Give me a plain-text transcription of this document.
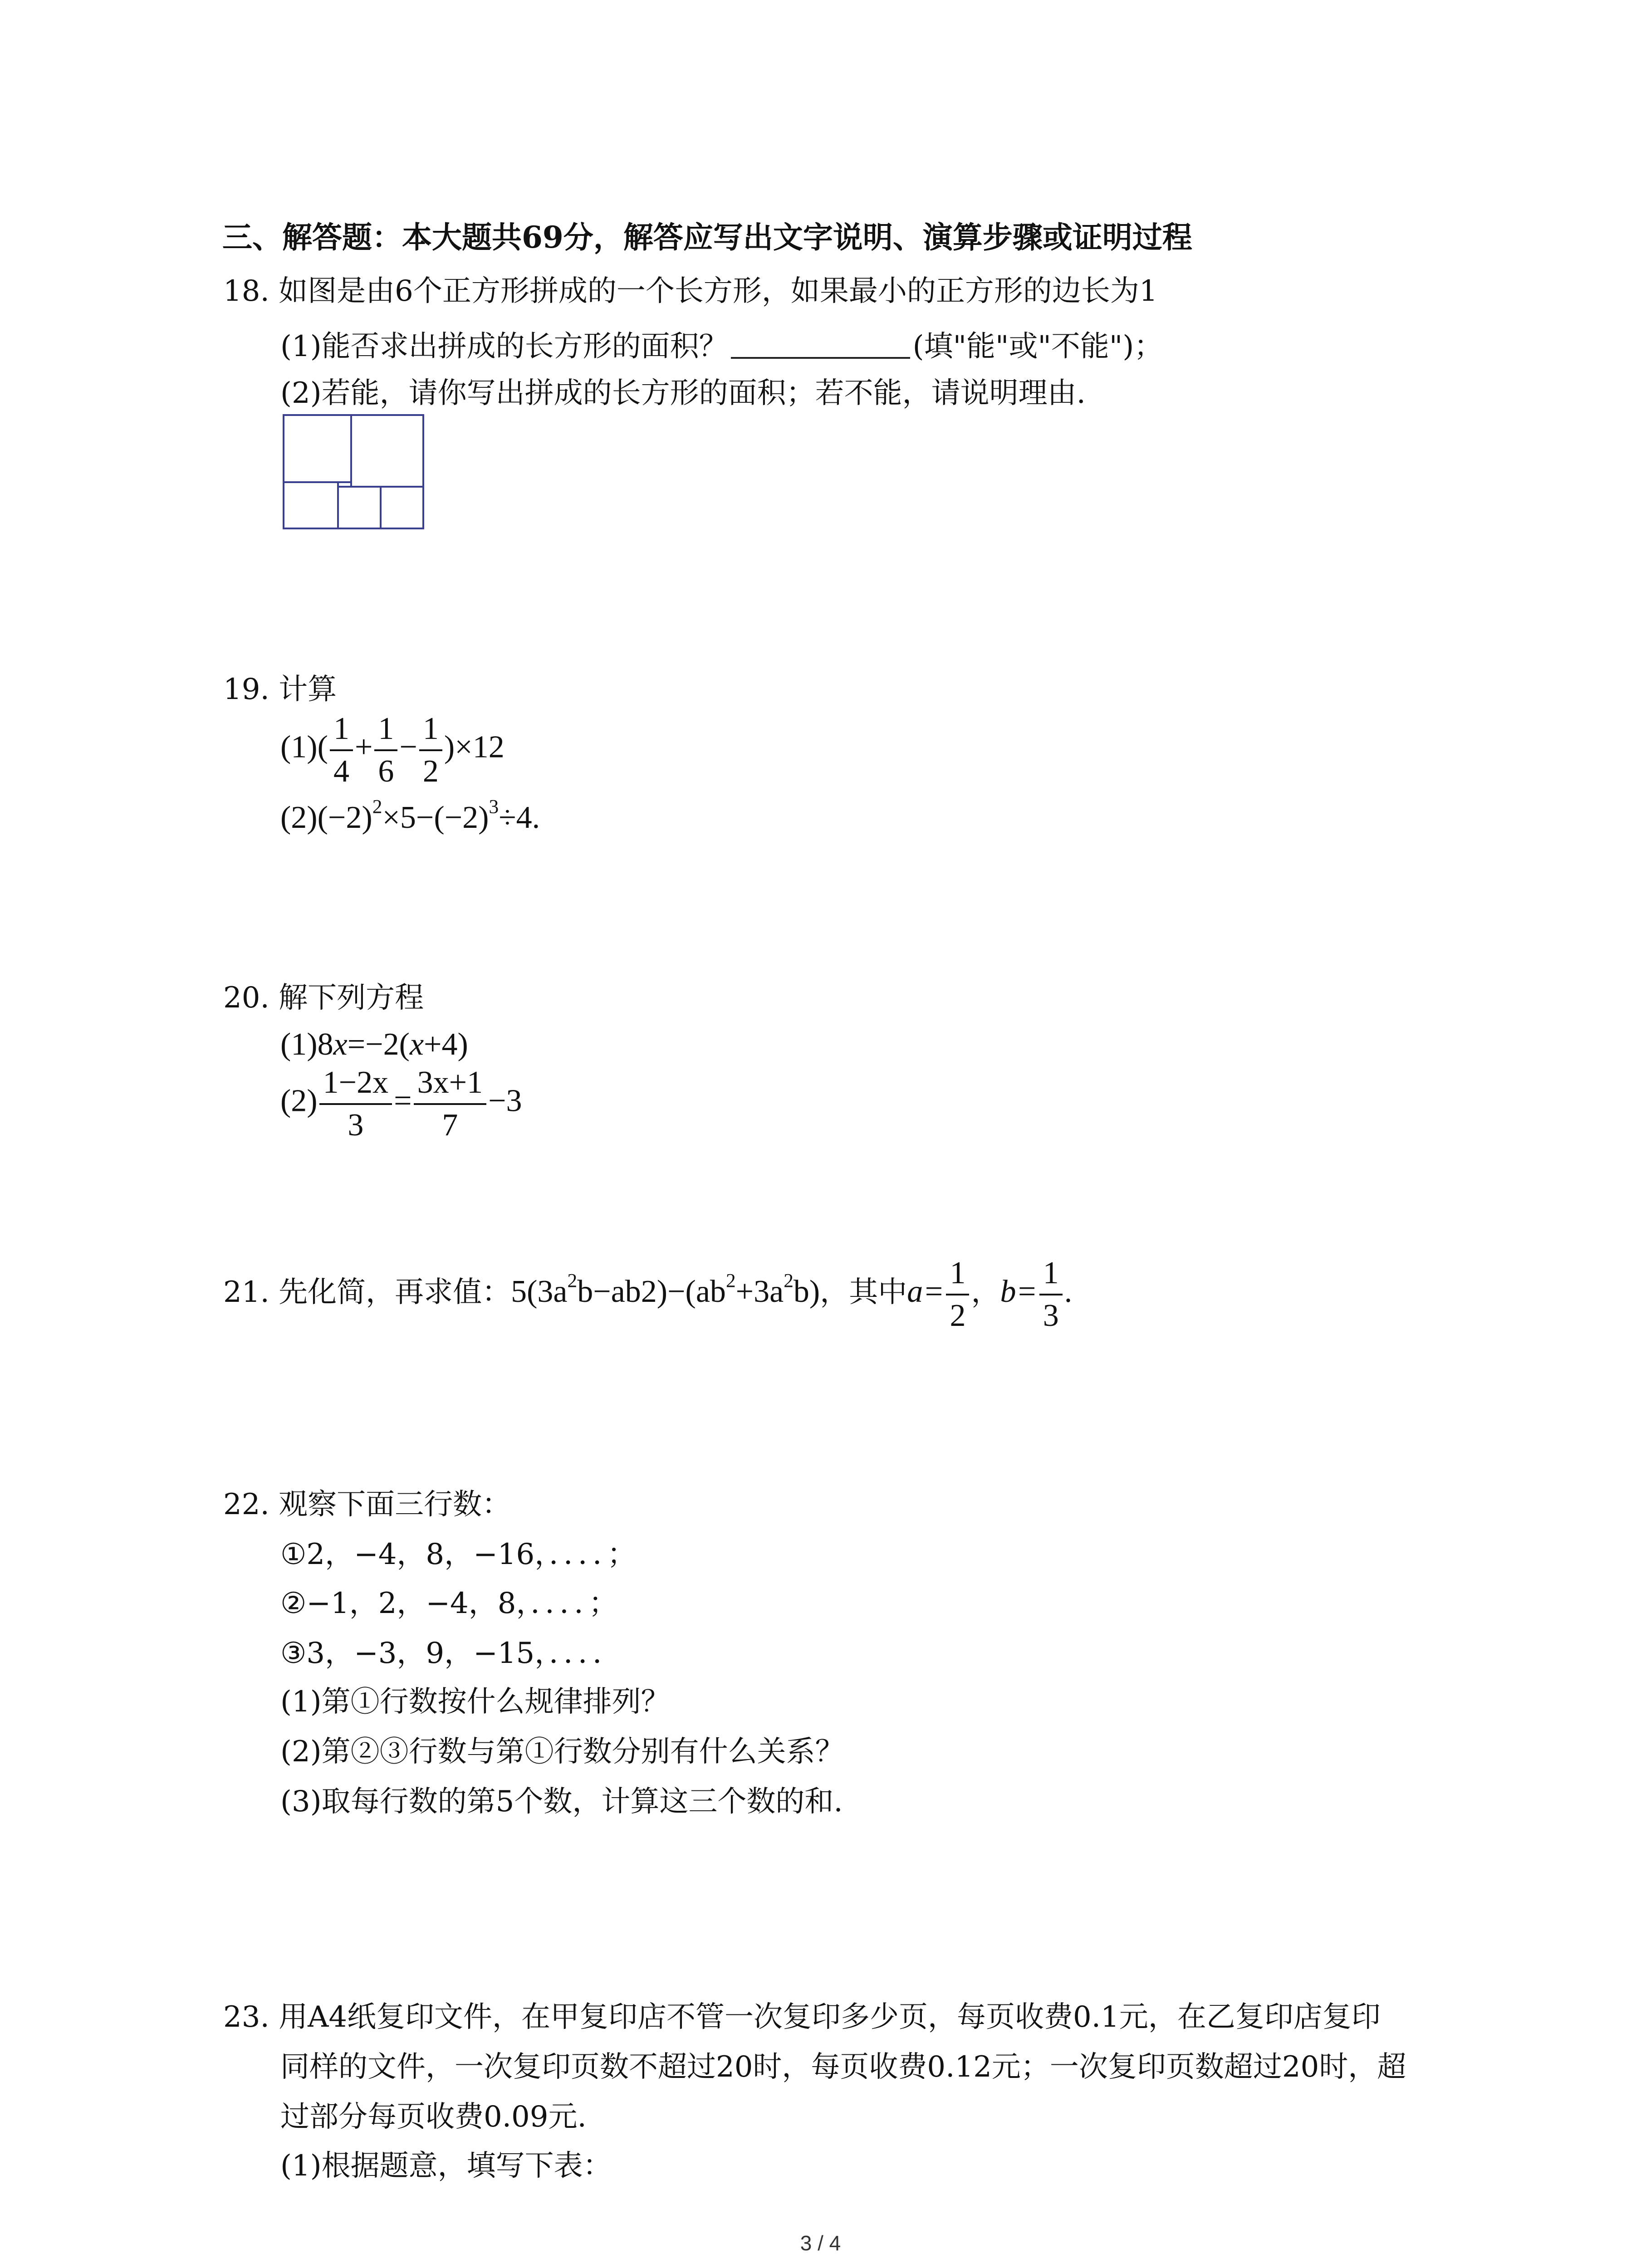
三、解答题：本大题共69分，解答应写出文字说明、演算步骤或证明过程
18. 如图是由6个正方形拼成的一个长方形，如果最小的正方形的边长为1
(1)能否求出拼成的长方形的面积？	(填"能"或"不能")；
(2)若能，请你写出拼成的长方形的面积；若不能，请说明理由.
19. 计算
$(1)( \frac{1}{4} + \frac{1}{6} - \frac{1}{2} )\times 12$
$(2)(-2)^2\times 5-(-2)^3\div 4$.
20. 解下列方程
(1)8x=−2(x+4)
$(2) \frac{1-2x}{3} = \frac{3x+1}{7} -3$
21. 先化简，再求值：$5(3a^2b-ab2)-(ab^2+3a^2b)$，其中$a= \frac{1}{2}$ ，$b= \frac{1}{3}$ .
22. 观察下面三行数：
①2，−4，8，−16，．．．．；
②−1，2，−4，8，．．．．；
③3，−3，9，−15，．．．．
(1)第①行数按什么规律排列？
(2)第②③行数与第①行数分别有什么关系？
(3)取每行数的第5个数，计算这三个数的和.
23. 用A4纸复印文件，在甲复印店不管一次复印多少页，每页收费0.1元，在乙复印店复印
同样的文件，一次复印页数不超过20时，每页收费0.12元；一次复印页数超过20时，超
过部分每页收费0.09元.
(1)根据题意，填写下表：
3 / 4
